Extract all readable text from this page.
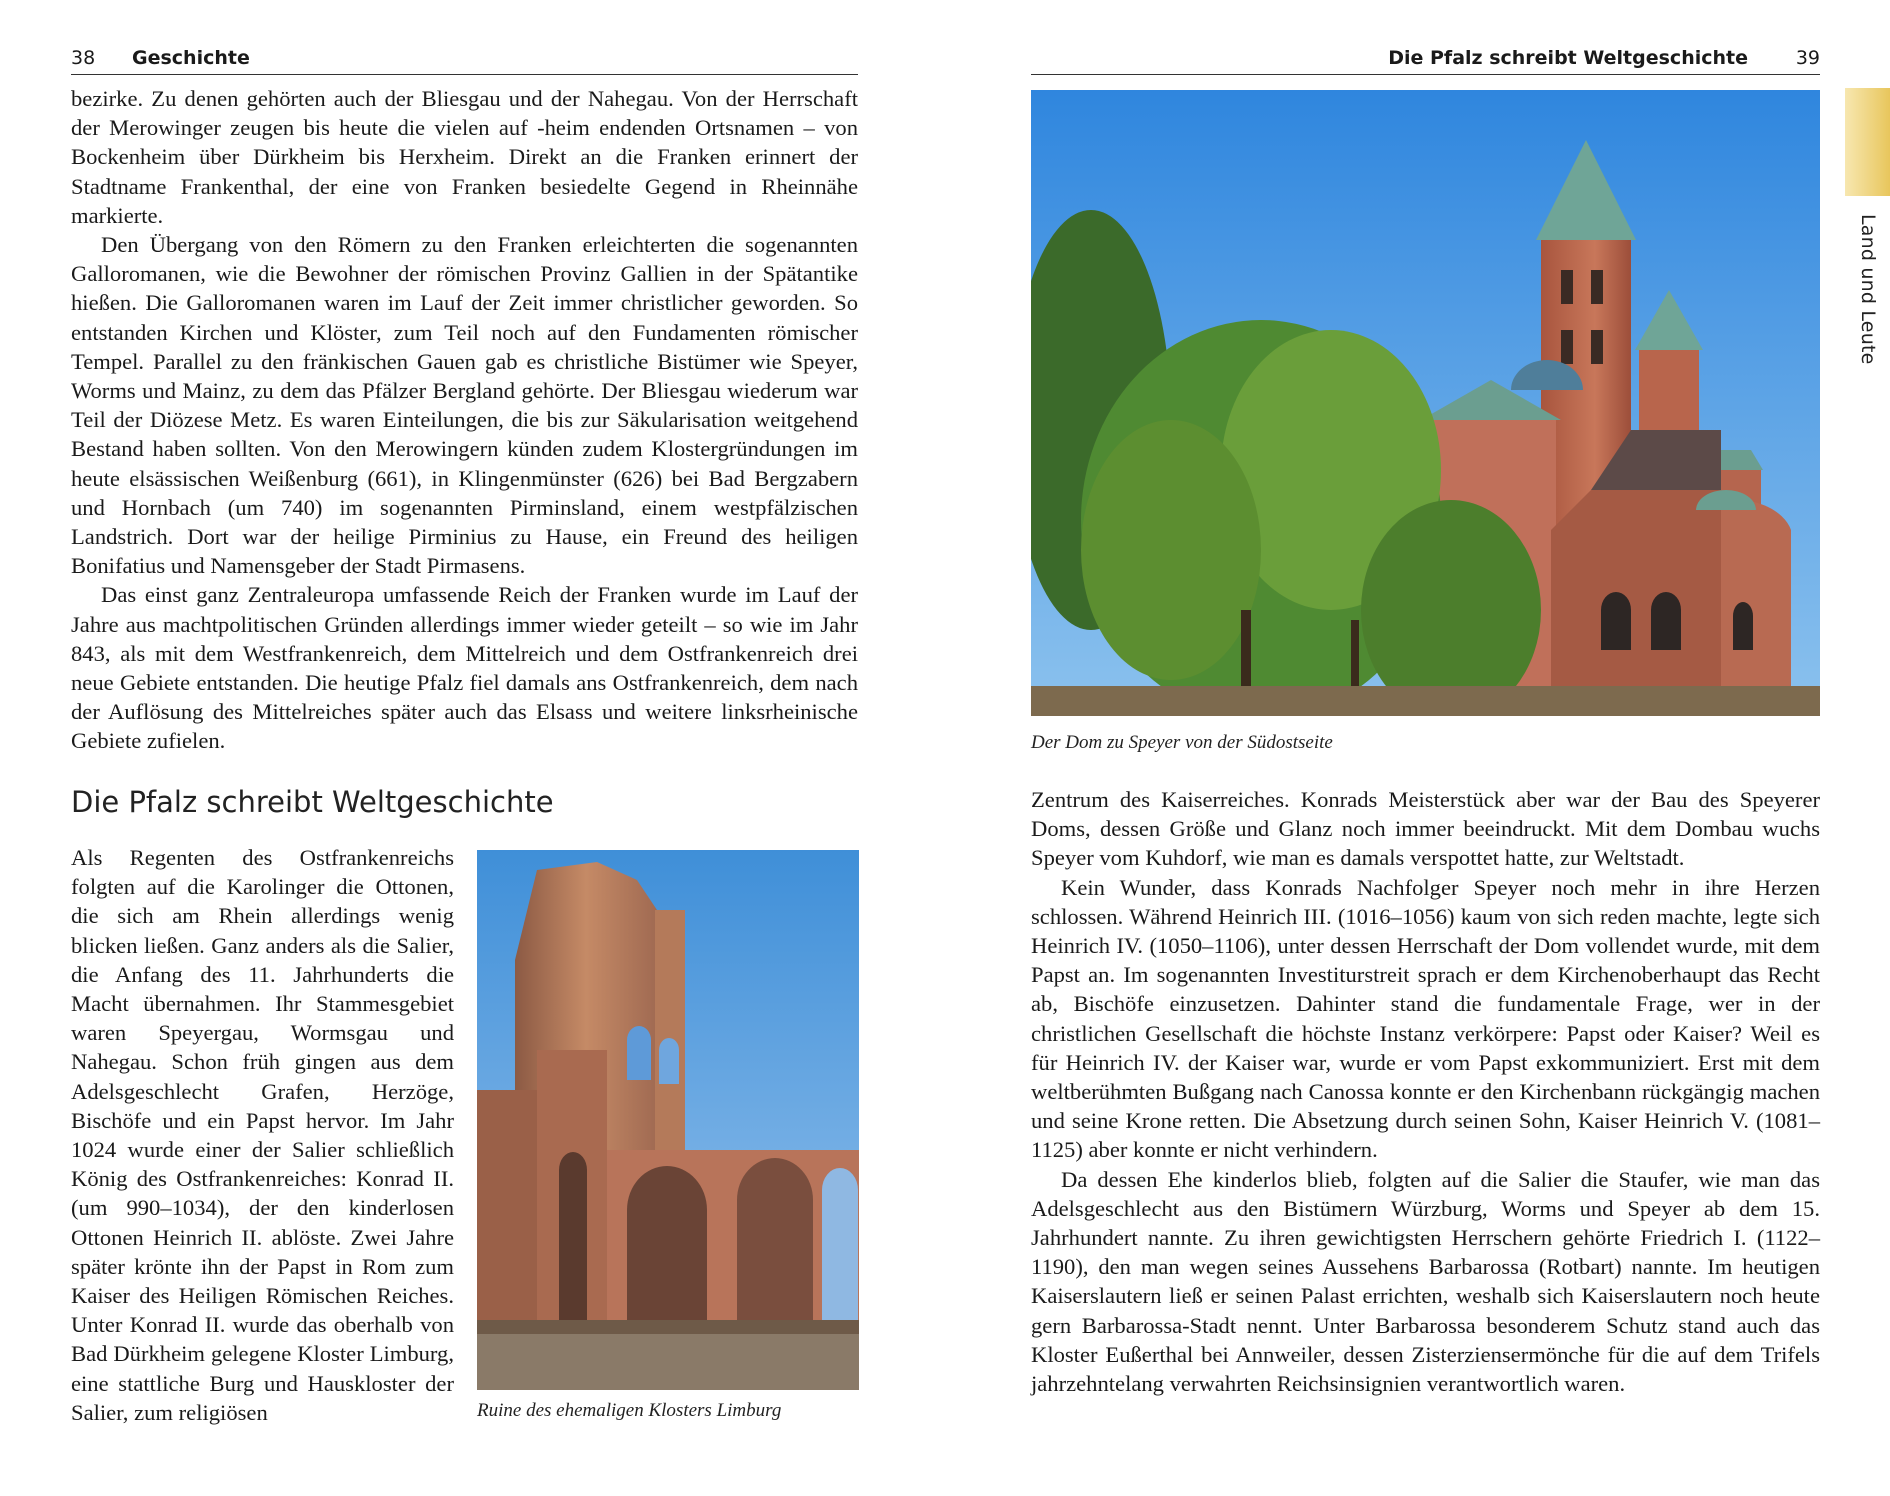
38 Geschichte

bezirke. Zu denen gehörten auch der Bliesgau und der Nahegau. Von der Herrschaft der Merowinger zeugen bis heute die vielen auf -heim endenden Ortsnamen – von Bockenheim über Dürkheim bis Herxheim. Direkt an die Franken erinnert der Stadtname Frankenthal, der eine von Franken besiedelte Gegend in Rheinnähe markierte.

Den Übergang von den Römern zu den Franken erleichterten die sogenannten Galloromanen, wie die Bewohner der römischen Provinz Gallien in der Spätantike hießen. Die Galloromanen waren im Lauf der Zeit immer christlicher geworden. So entstanden Kirchen und Klöster, zum Teil noch auf den Fundamenten römischer Tempel. Parallel zu den fränkischen Gauen gab es christliche Bistümer wie Speyer, Worms und Mainz, zu dem das Pfälzer Bergland gehörte. Der Bliesgau wiederum war Teil der Diözese Metz. Es waren Einteilungen, die bis zur Säkularisation weitgehend Bestand haben sollten. Von den Merowingern künden zudem Klostergründungen im heute elsässischen Weißenburg (661), in Klingenmünster (626) bei Bad Bergzabern und Hornbach (um 740) im sogenannten Pirminsland, einem westpfälzischen Landstrich. Dort war der heilige Pirminius zu Hause, ein Freund des heiligen Bonifatius und Namensgeber der Stadt Pirmasens.

Das einst ganz Zentraleuropa umfassende Reich der Franken wurde im Lauf der Jahre aus machtpolitischen Gründen allerdings immer wieder geteilt – so wie im Jahr 843, als mit dem Westfrankenreich, dem Mittelreich und dem Ostfrankenreich drei neue Gebiete entstanden. Die heutige Pfalz fiel damals ans Ostfrankenreich, dem nach der Auflösung des Mittelreiches später auch das Elsass und weitere linksrheinische Gebiete zufielen.

Die Pfalz schreibt Weltgeschichte

Als Regenten des Ostfrankenreichs folgten auf die Karolinger die Ottonen, die sich am Rhein allerdings wenig blicken ließen. Ganz anders als die Salier, die Anfang des 11. Jahrhunderts die Macht übernahmen. Ihr Stammesgebiet waren Speyergau, Wormsgau und Nahegau. Schon früh gingen aus dem Adelsgeschlecht Grafen, Herzöge, Bischöfe und ein Papst hervor. Im Jahr 1024 wurde einer der Salier schließlich König des Ostfrankenreiches: Konrad II. (um 990–1034), der den kinderlosen Ottonen Heinrich II. ablöste. Zwei Jahre später krönte ihn der Papst in Rom zum Kaiser des Heiligen Römischen Reiches. Unter Konrad II. wurde das oberhalb von Bad Dürkheim gelegene Kloster Limburg, eine stattliche Burg und Hauskloster der Salier, zum religiösen	Ruine des ehemaligen Klosters Limburg
Die Pfalz schreibt Weltgeschichte	39
Der Dom zu Speyer von der Südostseite

Zentrum des Kaiserreiches. Konrads Meisterstück aber war der Bau des Speyerer Doms, dessen Größe und Glanz noch immer beeindruckt. Mit dem Dombau wuchs Speyer vom Kuhdorf, wie man es damals verspottet hatte, zur Weltstadt.

Kein Wunder, dass Konrads Nachfolger Speyer noch mehr in ihre Herzen schlossen. Während Heinrich III. (1016–1056) kaum von sich reden machte, legte sich Heinrich IV. (1050–1106), unter dessen Herrschaft der Dom vollendet wurde, mit dem Papst an. Im sogenannten Investiturstreit sprach er dem Kirchenoberhaupt das Recht ab, Bischöfe einzusetzen. Dahinter stand die fundamentale Frage, wer in der christlichen Gesellschaft die höchste Instanz verkörpere: Papst oder Kaiser? Weil es für Heinrich IV. der Kaiser war, wurde er vom Papst exkommuniziert. Erst mit dem weltberühmten Bußgang nach Canossa konnte er den Kirchenbann rückgängig machen und seine Krone retten. Die Absetzung durch seinen Sohn, Kaiser Heinrich V. (1081–1125) aber konnte er nicht verhindern.

Da dessen Ehe kinderlos blieb, folgten auf die Salier die Staufer, wie man das Adelsgeschlecht aus den Bistümern Würzburg, Worms und Speyer ab dem 15. Jahrhundert nannte. Zu ihren gewichtigsten Herrschern gehörte Friedrich I. (1122–1190), den man wegen seines Aussehens Barbarossa (Rotbart) nannte. Im heutigen Kaiserslautern ließ er seinen Palast errichten, weshalb sich Kaiserslautern noch heute gern Barbarossa-Stadt nennt. Unter Barbarossa besonderem Schutz stand auch das Kloster Eußerthal bei Annweiler, dessen Zisterziensermönche für die auf dem Trifels jahrzehntelang verwahrten Reichsinsignien verantwortlich waren.

Land und Leute
